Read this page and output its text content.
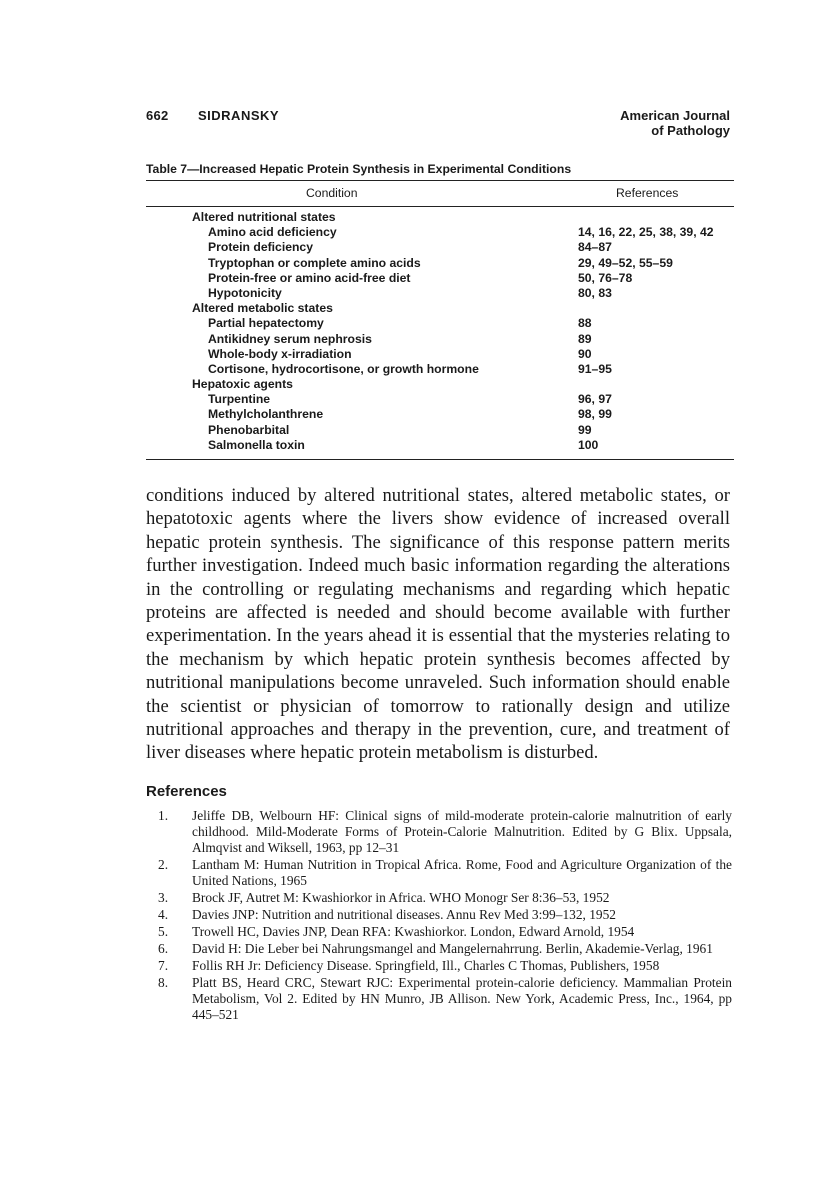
662 SIDRANSKY	American Journal
of Pathology
Table 7—Increased Hepatic Protein Synthesis in Experimental Conditions
Condition	References
Altered nutritional states
Amino acid deficiency	14, 16, 22, 25, 38, 39, 42
Protein deficiency	84–87
Tryptophan or complete amino acids	29, 49–52, 55–59
Protein-free or amino acid-free diet	50, 76–78
Hypotonicity	80, 83
Altered metabolic states
Partial hepatectomy	88
Antikidney serum nephrosis	89
Whole-body x-irradiation	90
Cortisone, hydrocortisone, or growth hormone	91–95
Hepatoxic agents
Turpentine	96, 97
Methylcholanthrene	98, 99
Phenobarbital	99
Salmonella toxin	100

conditions induced by altered nutritional states, altered metabolic states, or hepatotoxic agents where the livers show evidence of increased overall hepatic protein synthesis. The significance of this response pattern merits further investigation. Indeed much basic information regarding the alterations in the controlling or regulating mechanisms and regarding which hepatic proteins are affected is needed and should become available with further experimentation. In the years ahead it is essential that the mysteries relating to the mechanism by which hepatic protein synthesis becomes affected by nutritional manipulations become unraveled. Such information should enable the scientist or physician of tomorrow to rationally design and utilize nutritional approaches and therapy in the prevention, cure, and treatment of liver diseases where hepatic protein metabolism is disturbed.

References
1. Jeliffe DB, Welbourn HF: Clinical signs of mild-moderate protein-calorie malnutrition of early childhood. Mild-Moderate Forms of Protein-Calorie Malnutrition. Edited by G Blix. Uppsala, Almqvist and Wiksell, 1963, pp 12–31
2. Lantham M: Human Nutrition in Tropical Africa. Rome, Food and Agriculture Organization of the United Nations, 1965
3. Brock JF, Autret M: Kwashiorkor in Africa. WHO Monogr Ser 8:36–53, 1952
4. Davies JNP: Nutrition and nutritional diseases. Annu Rev Med 3:99–132, 1952
5. Trowell HC, Davies JNP, Dean RFA: Kwashiorkor. London, Edward Arnold, 1954
6. David H: Die Leber bei Nahrungsmangel and Mangelernahrrung. Berlin, Akademie-Verlag, 1961
7. Follis RH Jr: Deficiency Disease. Springfield, Ill., Charles C Thomas, Publishers, 1958
8. Platt BS, Heard CRC, Stewart RJC: Experimental protein-calorie deficiency. Mammalian Protein Metabolism, Vol 2. Edited by HN Munro, JB Allison. New York, Academic Press, Inc., 1964, pp 445–521
